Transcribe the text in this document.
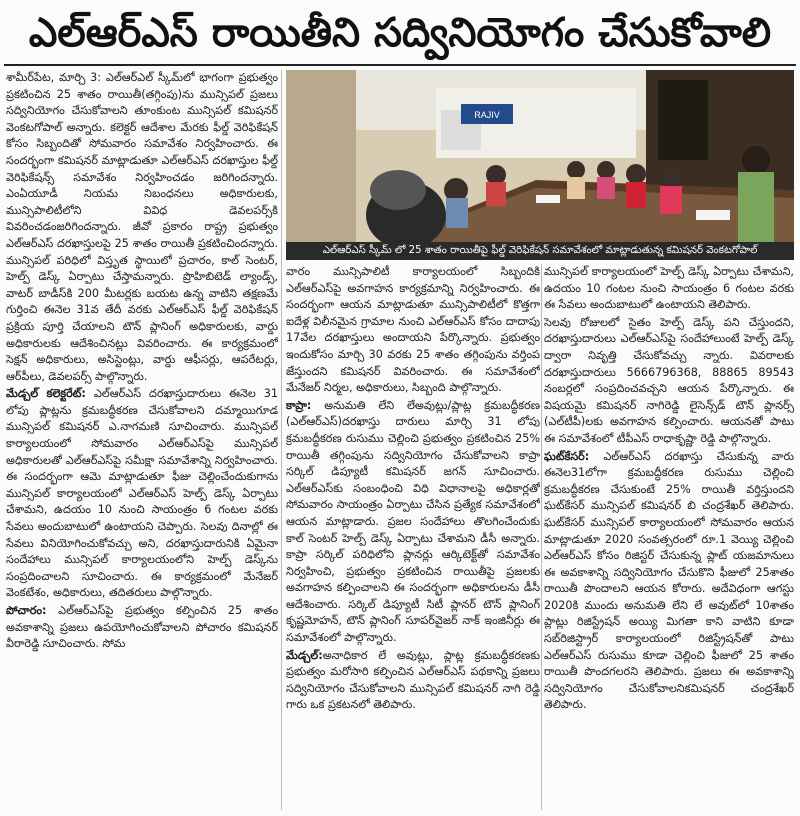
ఎల్ఆర్ఎస్ రాయితీని సద్వినియోగం చేసుకోవాలి

శామీర్‌పేట, మార్చి 3: ఎల్ఆర్ఎల్ స్కీమ్‌లో భాగంగా ప్రభుత్వం ప్రకటించిన 25 శాతం రాయితీ(తగ్గింపు)ను మున్సిపల్ ప్రజలు సద్వినియోగం చేసుకోవాలని తూంకుంట మున్సిపల్ కమిషనర్ వెంకటగోపాల్ అన్నారు. కలెక్టర్ ఆదేశాల మేరకు ఫీల్డ్ వెరిఫికేషన్ కోసం సిబ్బందితో సోమవారం సమావేశం నిర్వహించారు. ఈ సందర్భంగా కమిషనర్ మాట్లాడుతూ ఎల్ఆర్ఎస్ దరఖాస్తుల ఫీల్డ్ వెరిఫికేషన్స్ సమావేశం నిర్వహించడం జరిగిందన్నారు. ఎంఏయూడీ నియమ నిబంధనలు అధికారులకు, మున్సిపాలిటీలోని వివిధ డెవలపర్స్‌కి వివరించడంజరిగిందన్నారు. జీవో ప్రకారం రాష్ట్ర ప్రభుత్వం ఎల్ఆర్ఎస్ దరఖాస్తులపై 25 శాతం రాయితీ ప్రకటించిందన్నారు. మున్సిపల్ పరిధిలో విస్తృత స్థాయిలో ప్రచారం, కాల్ సెంటర్, హెల్ప్ డెస్క్ ఏర్పాటు చేస్తామన్నారు. ప్రొహిబిటెడ్ ల్యాండ్స్, వాటర్ బాడీస్‌కి 200 మీటర్లకు బయట ఉన్న వాటిని తక్షణమే గుర్తించి ఈనెల 31వ తేదీ వరకు ఎల్ఆర్ఎస్ ఫీల్డ్ వెరిఫికేషన్ ప్రక్రియ పూర్తి చేయాలని టౌన్ ప్లానింగ్ అధికారులకు, వార్డు అధికారులకు ఆదేశించినట్లు వివరించారు. ఈ కార్యక్రమంలో సెక్షన్ అధికారులు, అసిస్టెంట్లు, వార్డు ఆఫీసర్లు, ఆపరేటర్లు, ఆర్‌పీలు, డెవలపర్స్ పాల్గొన్నారు.

మేడ్చల్ కలెక్టరేట్: ఎల్ఆర్ఎస్ దరఖాస్తుదారులు ఈనెల 31 లోపు ప్లాట్లను క్రమబద్ధీకరణ చేసుకోవాలని దమ్మాయిగూడ మున్సిపల్ కమిషనర్ ఎ.నాగమణి సూచించారు. మున్సిపల్ కార్యాలయంలో సోమవారం ఎల్ఆర్ఎస్‌పై మున్సిపల్ అధికారులతో ఎల్ఆర్ఎస్‌పై సమీక్షా సమావేశాన్ని నిర్వహించారు. ఈ సందర్భంగా ఆమె మాట్లాడుతూ ఫీజు చెల్లించేందుకుగాను మున్సిపల్ కార్యాలయంలో ఎల్ఆర్ఎస్ హెల్ప్ డెస్క్ ఏర్పాటు చేశామని, ఉదయం 10 నుంచి సాయంత్రం 6 గంటల వరకు సేవలు అందుబాటులో ఉంటాయని చెప్పారు. సెలవు దినాల్లో ఈ సేవలు వినియోగించుకోవచ్చు అని, దరఖాస్తుదారునికి ఏమైనా సందేహాలు మున్సిపల్ కార్యాలయంలోని హెల్ప్ డెస్క్‌ను సంప్రదించాలని సూచించారు. ఈ కార్యక్రమంలో మేనేజర్ వెంకటేశం, అధికారులు, తదితరులు పాల్గొన్నారు.

పోచారం: ఎల్ఆర్ఎస్‌పై ప్రభుత్వం కల్పించిన 25 శాతం అవకాశాన్ని ప్రజలు ఉపయోగించుకోవాలని పోచారం కమిషనర్ వీరారెడ్డి సూచించారు. సోమ

RAJIV
ఎల్ఆర్ఎస్ స్కీమ్ లో 25 శాతం రాయితీపై ఫీల్డ్ వెరిఫికేషన్ సమావేశంలో మాట్లాడుతున్న కమిషనర్ వెంకటగోపాల్

వారం మున్సిపాలిటీ కార్యాలయంలో సిబ్బందికి ఎల్ఆర్ఎస్‌పై అవగాహన కార్యక్రమాన్ని నిర్వహించారు. ఈ సందర్భంగా ఆయన మాట్లాడుతూ మున్సిపాలిటీలో కొత్తగా ఐదేళ్ల విలీనమైన గ్రామాల నుంచి ఎల్ఆర్ఎస్ కోసం దాదాపు 17వేల దరఖాస్తులు అందాయని పేర్కొన్నారు. ప్రభుత్వం ఇందుకోసం మార్చి 30 వరకు 25 శాతం తగ్గింపును వర్తింప జేస్తుందని కమిషనర్ వివరించారు. ఈ సమావేశంలో మేనేజర్ నిర్మల, అధికారులు, సిబ్బంది పాల్గొన్నారు.

కాప్రా: అనుమతి లేని లేఅవుట్లు/ప్లాట్ల క్రమబద్ధీకరణ (ఎల్ఆర్ఎస్)దరఖాస్తు దారులు మార్చి 31 లోపు క్రమబద్ధీకరణ రుసుము చెల్లించి ప్రభుత్వం ప్రకటించిన 25% రాయితీ తగ్గింపును సద్వినియోగం చేసుకోవాలని కాప్రా సర్కిల్ డిప్యూటీ కమిషనర్ జగన్ సూచించారు. ఎల్ఆర్ఎస్‌కు సంబంధించి విధి విధానాలపై అధికార్లతో సోమవారం సాయంత్రం ఏర్పాటు చేసిన ప్రత్యేక సమావేశంలో ఆయన మాట్లాడారు. ప్రజల సందేహాలు తొలగించేందుకు కాల్ సెంటర్ హెల్ప్ డెస్క్ ఏర్పాటు చేశామని డీసీ అన్నారు. కాప్రా సర్కిల్ పరిధిలోని ప్లానర్లు ఆర్కిటెక్ట్‌తో సమావేశం నిర్వహించి, ప్రభుత్వం ప్రకటించిన రాయితీపై ప్రజలకు అవగాహన కల్పించాలని ఈ సందర్భంగా అధికారులను డీసీ ఆదేశించారు. సర్కిల్ డిప్యూటీ సిటీ ప్లానర్ టౌన్ ప్లానింగ్ కృష్ణమోహన్, టౌన్ ప్లానింగ్ సూపర్‌వైజర్ నాక్ ఇంజినీర్లు ఈ సమావేశంలో పాల్గొన్నారు.

మేడ్చల్:అనాధికార లే అవుట్లు, ప్లాట్ల క్రమబద్ధీకరణకు ప్రభుత్వం మరోసారి కల్పించిన ఎల్ఆర్ఎస్ పథకాన్ని ప్రజలు సద్వినియోగం చేసుకోవాలని మున్సిపల్ కమిషనర్ నాగి రెడ్డి గారు ఒక ప్రకటనలో తెలిపారు.

మున్సిపల్ కార్యాలయంలో హెల్ప్ డెస్క్ ఏర్పాటు చేశామని, ఉదయం 10 గంటల నుంచి సాయంత్రం 6 గంటల వరకు ఈ సేవలు అందుబాటులో ఉంటాయని తెలిపారు.

సెలవు రోజులలో సైతం హెల్ప్ డెస్క్ పని చేస్తుందని, దరఖాస్తుదారులు ఎల్ఆర్ఎస్‌పై సందేహాలుంటే హెల్ప్ డెస్క్ ద్వారా నివృత్తి చేసుకోవచ్చు న్నారు. వివరాలకు దరఖాస్తుదారులు 5666796368, 88865 89543 నంబర్లలో సంప్రదించవచ్చని ఆయన పేర్కొన్నారు. ఈ విషయమై కమిషనర్ నాగిరెడ్డి లైసెన్స్‌డ్ టౌన్ ప్లానర్స్ (ఎల్‌టీపీ)లకు అవగాహన కల్పించారు. ఆయనతో పాటు ఈ సమావేశంలో టీపీఎస్ రాధాకృష్ణా రెడ్డి పాల్గొన్నారు.

ఘట్‌కేసర్: ఎల్ఆర్ఎస్ దరఖాస్తు చేసుకున్న వారు ఈనెల31లోగా క్రమబద్ధీకరణ రుసుము చెల్లించి క్రమబద్ధీకరణ చేసుకుంటే 25% రాయితీ వర్తిస్తుందని ఘట్‌కేసర్ మున్సిపల్ కమిషనర్ బి చంద్రశేఖర్ తెలిపారు. ఘట్‌కేసర్ మున్సిపల్ కార్యాలయంలో సోమవారం ఆయన మాట్లాడుతూ 2020 సంవత్సరంలో రూ.1 వెయ్యి చెల్లించి ఎల్ఆర్ఎస్ కోసం రిజిస్టర్ చేసుకున్న ప్లాట్ యజమానులు ఈ అవకాశాన్ని సద్వినియోగం చేసుకొని ఫీజులో 25శాతం రాయితీ పొందాలని ఆయన కోరారు. అదేవిధంగా ఆగస్టు 2020కి ముందు అనుమతి లేని లే అవుట్‌లో 10శాతం ప్లాట్లు రిజిస్ట్రేషన్ అయ్యి మిగతా కాని వాటిని కూడా సబ్‌రిజిస్ట్రార్ కార్యాలయంలో రిజిస్ట్రేషన్‌తో పాటు ఎల్ఆర్ఎస్ రుసుము కూడా చెల్లించి ఫీజులో 25 శాతం రాయితీ పొందగలరని తెలిపారు. ప్రజలు ఈ అవకాశాన్ని సద్వినియోగం చేసుకోవాలనికమిషనర్ చంద్రశేఖర్ తెలిపారు.
